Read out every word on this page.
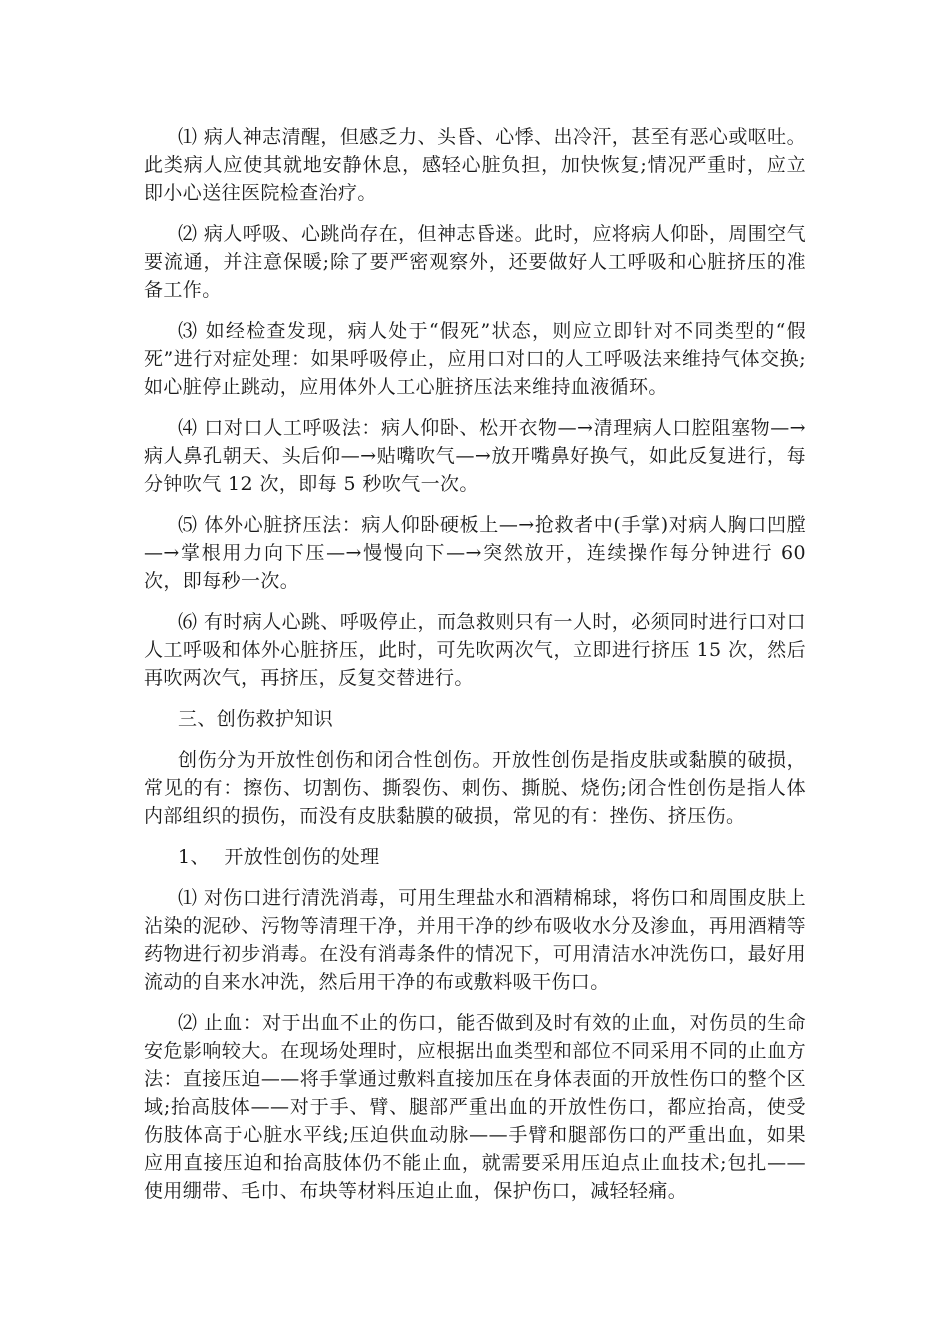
⑴ 病人神志清醒，但感乏力、头昏、心悸、出冷汗，甚至有恶心或呕吐。此类病人应使其就地安静休息，感轻心脏负担，加快恢复;情况严重时，应立即小心送往医院检查治疗。

⑵ 病人呼吸、心跳尚存在，但神志昏迷。此时，应将病人仰卧，周围空气要流通，并注意保暖;除了要严密观察外，还要做好人工呼吸和心脏挤压的准备工作。

⑶ 如经检查发现，病人处于“假死”状态，则应立即针对不同类型的“假死”进行对症处理：如果呼吸停止，应用口对口的人工呼吸法来维持气体交换;如心脏停止跳动，应用体外人工心脏挤压法来维持血液循环。

⑷ 口对口人工呼吸法：病人仰卧、松开衣物—→清理病人口腔阻塞物—→病人鼻孔朝天、头后仰—→贴嘴吹气—→放开嘴鼻好换气，如此反复进行，每分钟吹气 12 次，即每 5 秒吹气一次。

⑸ 体外心脏挤压法：病人仰卧硬板上—→抢救者中(手掌)对病人胸口凹膛—→掌根用力向下压—→慢慢向下—→突然放开，连续操作每分钟进行 60 次，即每秒一次。

⑹ 有时病人心跳、呼吸停止，而急救则只有一人时，必须同时进行口对口人工呼吸和体外心脏挤压，此时，可先吹两次气，立即进行挤压 15 次，然后再吹两次气，再挤压，反复交替进行。

三、创伤救护知识

创伤分为开放性创伤和闭合性创伤。开放性创伤是指皮肤或黏膜的破损，常见的有：擦伤、切割伤、撕裂伤、刺伤、撕脱、烧伤;闭合性创伤是指人体内部组织的损伤，而没有皮肤黏膜的破损，常见的有：挫伤、挤压伤。

1、 开放性创伤的处理

⑴ 对伤口进行清洗消毒，可用生理盐水和酒精棉球，将伤口和周围皮肤上沾染的泥砂、污物等清理干净，并用干净的纱布吸收水分及渗血，再用酒精等药物进行初步消毒。在没有消毒条件的情况下，可用清洁水冲洗伤口，最好用流动的自来水冲洗，然后用干净的布或敷料吸干伤口。

⑵ 止血：对于出血不止的伤口，能否做到及时有效的止血，对伤员的生命安危影响较大。在现场处理时，应根据出血类型和部位不同采用不同的止血方法：直接压迫——将手掌通过敷料直接加压在身体表面的开放性伤口的整个区域;抬高肢体——对于手、臂、腿部严重出血的开放性伤口，都应抬高，使受伤肢体高于心脏水平线;压迫供血动脉——手臂和腿部伤口的严重出血，如果应用直接压迫和抬高肢体仍不能止血，就需要采用压迫点止血技术;包扎——使用绷带、毛巾、布块等材料压迫止血，保护伤口，减轻轻痛。
